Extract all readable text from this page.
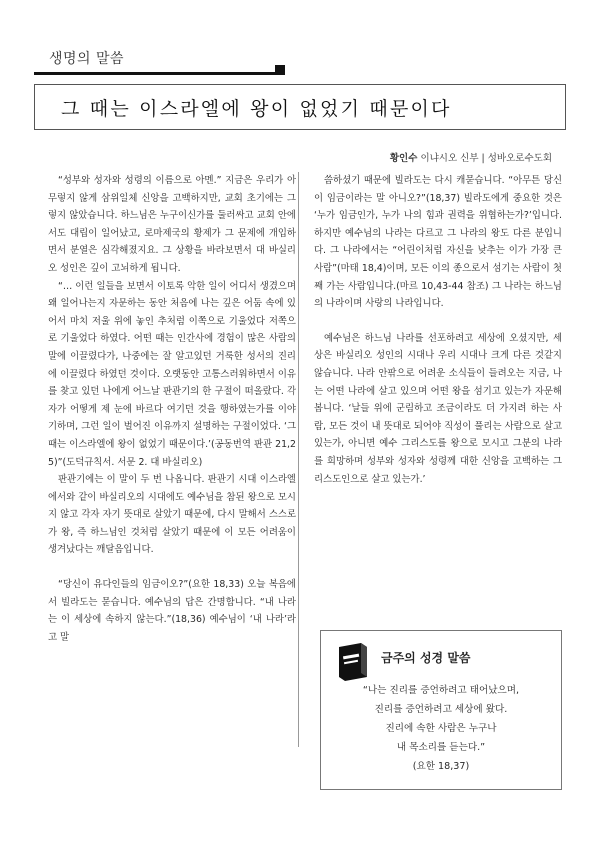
생명의 말씀
그 때는 이스라엘에 왕이 없었기 때문이다
황인수 이냐시오 신부 | 성바오로수도회

“성부와 성자와 성령의 이름으로 아멘.” 지금은 우리가 아무렇지 않게 삼위일체 신앙을 고백하지만, 교회 초기에는 그렇지 않았습니다. 하느님은 누구이신가를 둘러싸고 교회 안에서도 대립이 일어났고, 로마제국의 황제가 그 문제에 개입하면서 분열은 심각해졌지요. 그 상황을 바라보면서 대 바실리오 성인은 깊이 고뇌하게 됩니다.

“… 이런 일들을 보면서 이토록 악한 일이 어디서 생겼으며 왜 일어나는지 자문하는 동안 처음에 나는 깊은 어둠 속에 있어서 마치 저울 위에 놓인 추처럼 이쪽으로 기울었다 저쪽으로 기울었다 하였다. 어떤 때는 인간사에 경험이 많은 사람의 말에 이끌렸다가, 나중에는 잘 알고있던 거룩한 성서의 진리에 이끌렸다 하였던 것이다. 오랫동안 고통스러워하면서 이유를 찾고 있던 나에게 어느날 판관기의 한 구절이 떠올랐다. 각자가 어떻게 제 눈에 바르다 여기던 것을 행하였는가를 이야기하며, 그런 일이 벌어진 이유까지 설명하는 구절이었다. ‘그 때는 이스라엘에 왕이 없었기 때문이다.’(공동번역 판관 21,25)”(도덕규칙서. 서문 2. 대 바실리오)

판관기에는 이 말이 두 번 나옵니다. 판관기 시대 이스라엘에서와 같이 바실리오의 시대에도 예수님을 참된 왕으로 모시지 않고 각자 자기 뜻대로 살았기 때문에, 다시 말해서 스스로가 왕, 즉 하느님인 것처럼 살았기 때문에 이 모든 어려움이 생겨났다는 깨달음입니다.

“당신이 유다인들의 임금이오?”(요한 18,33) 오늘 복음에서 빌라도는 묻습니다. 예수님의 답은 간명합니다. “내 나라는 이 세상에 속하지 않는다.”(18,36) 예수님이 ‘내 나라’라고 말

씀하셨기 때문에 빌라도는 다시 캐묻습니다. “아무튼 당신이 임금이라는 말 아니오?”(18,37) 빌라도에게 중요한 것은 ‘누가 임금인가, 누가 나의 힘과 권력을 위협하는가?’입니다. 하지만 예수님의 나라는 다르고 그 나라의 왕도 다른 분입니다. 그 나라에서는 “어린이처럼 자신을 낮추는 이가 가장 큰 사람”(마태 18,4)이며, 모든 이의 종으로서 섬기는 사람이 첫째 가는 사람입니다.(마르 10,43-44 참조) 그 나라는 하느님의 나라이며 사랑의 나라입니다.

예수님은 하느님 나라를 선포하려고 세상에 오셨지만, 세상은 바실리오 성인의 시대나 우리 시대나 크게 다른 것같지 않습니다. 나라 안팎으로 어려운 소식들이 들려오는 지금, 나는 어떤 나라에 살고 있으며 어떤 왕을 섬기고 있는가 자문해 봅니다. ‘날들 위에 군림하고 조금이라도 더 가지려 하는 사람, 모든 것이 내 뜻대로 되어야 직성이 풀리는 사람으로 살고 있는가, 아니면 예수 그리스도를 왕으로 모시고 그분의 나라를 희망하며 성부와 성자와 성령께 대한 신앙을 고백하는 그리스도인으로 살고 있는가.’

금주의 성경 말씀
“나는 진리를 증언하려고 태어났으며,
진리를 증언하려고 세상에 왔다.
진리에 속한 사람은 누구나
내 목소리를 듣는다.”
(요한 18,37)
